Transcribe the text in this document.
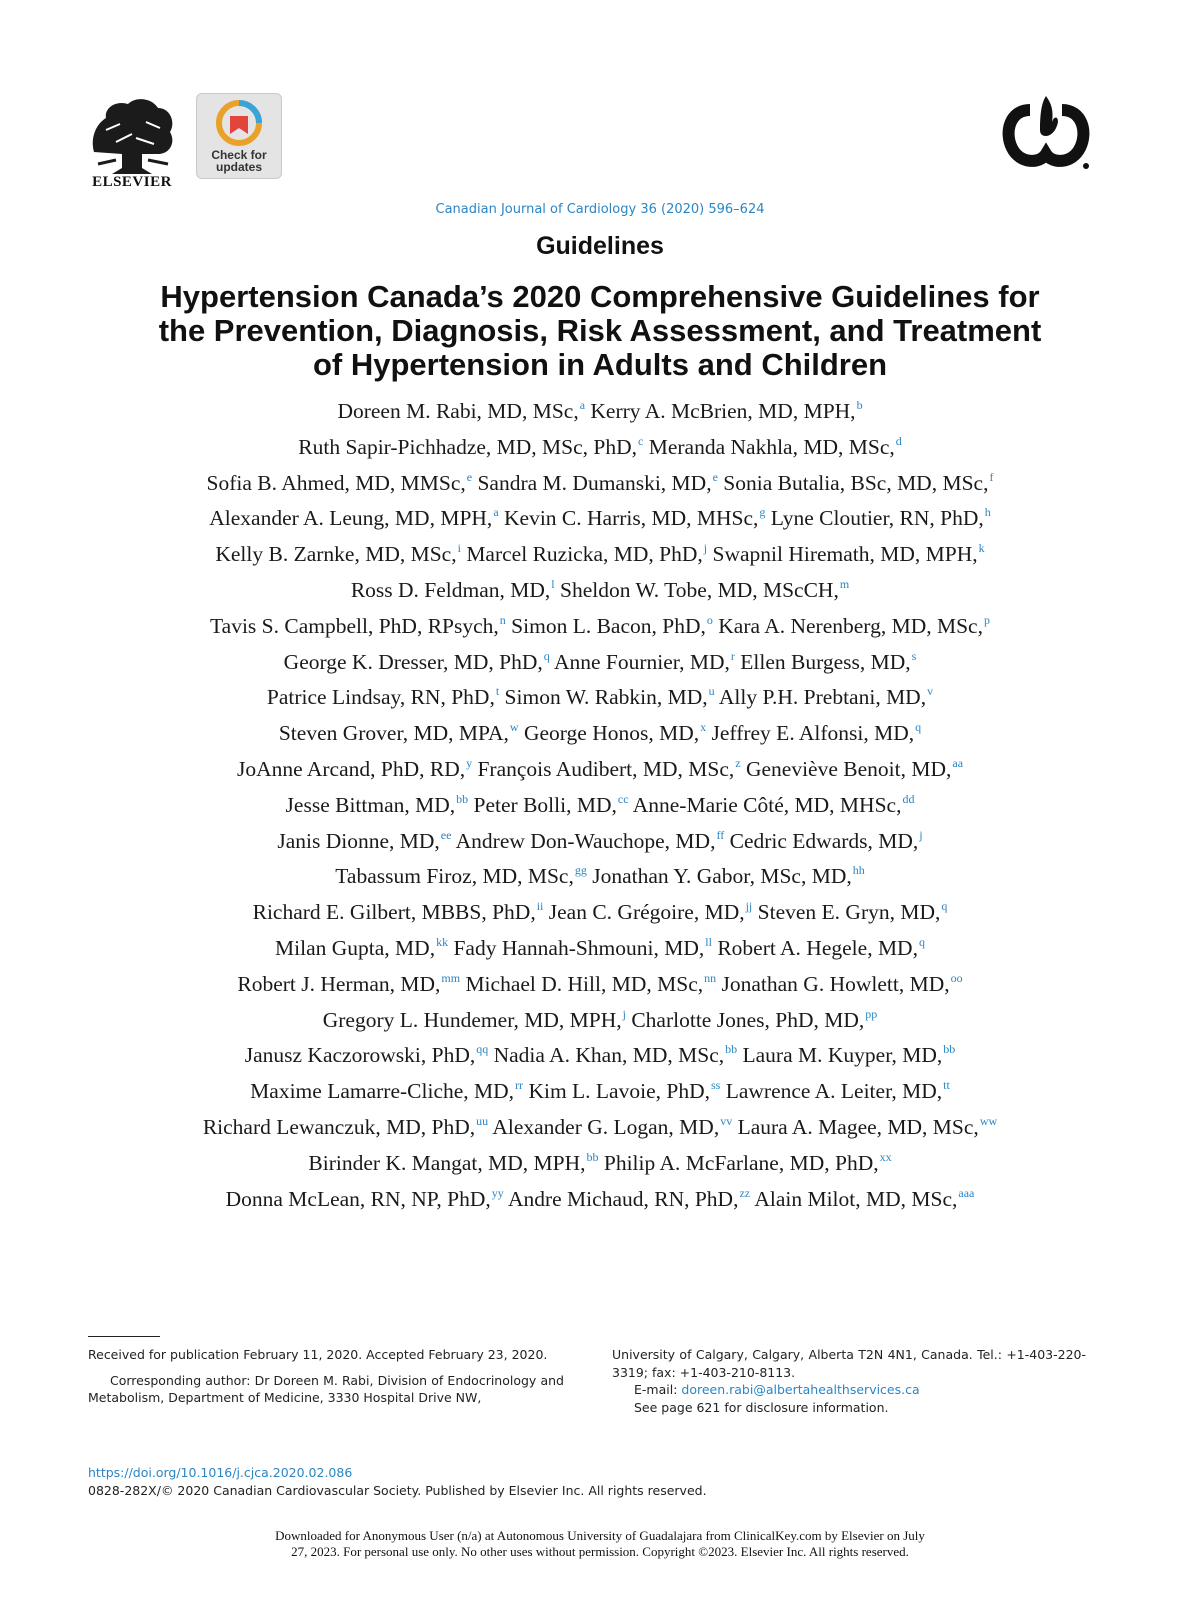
ELSEVIER
Check for
updates
Canadian Journal of Cardiology 36 (2020) 596–624
Guidelines
Hypertension Canada’s 2020 Comprehensive Guidelines for
the Prevention, Diagnosis, Risk Assessment, and Treatment
of Hypertension in Adults and Children
Doreen M. Rabi, MD, MSc,$^a$ Kerry A. McBrien, MD, MPH,$^b$
Ruth Sapir-Pichhadze, MD, MSc, PhD,$^c$ Meranda Nakhla, MD, MSc,$^d$
Sofia B. Ahmed, MD, MMSc,$^e$ Sandra M. Dumanski, MD,$^e$ Sonia Butalia, BSc, MD, MSc,$^f$
Alexander A. Leung, MD, MPH,$^a$ Kevin C. Harris, MD, MHSc,$^g$ Lyne Cloutier, RN, PhD,$^h$
Kelly B. Zarnke, MD, MSc,$^i$ Marcel Ruzicka, MD, PhD,$^j$ Swapnil Hiremath, MD, MPH,$^k$
Ross D. Feldman, MD,$^l$ Sheldon W. Tobe, MD, MScCH,$^m$
Tavis S. Campbell, PhD, RPsych,$^n$ Simon L. Bacon, PhD,$^o$ Kara A. Nerenberg, MD, MSc,$^p$
George K. Dresser, MD, PhD,$^q$ Anne Fournier, MD,$^r$ Ellen Burgess, MD,$^s$
Patrice Lindsay, RN, PhD,$^t$ Simon W. Rabkin, MD,$^u$ Ally P.H. Prebtani, MD,$^v$
Steven Grover, MD, MPA,$^w$ George Honos, MD,$^x$ Jeffrey E. Alfonsi, MD,$^q$
JoAnne Arcand, PhD, RD,$^y$ François Audibert, MD, MSc,$^z$ Geneviève Benoit, MD,$^{aa}$
Jesse Bittman, MD,$^{bb}$ Peter Bolli, MD,$^{cc}$ Anne-Marie Côté, MD, MHSc,$^{dd}$
Janis Dionne, MD,$^{ee}$ Andrew Don-Wauchope, MD,$^{ff}$ Cedric Edwards, MD,$^j$
Tabassum Firoz, MD, MSc,$^{gg}$ Jonathan Y. Gabor, MSc, MD,$^{hh}$
Richard E. Gilbert, MBBS, PhD,$^{ii}$ Jean C. Grégoire, MD,$^{jj}$ Steven E. Gryn, MD,$^q$
Milan Gupta, MD,$^{kk}$ Fady Hannah-Shmouni, MD,$^{ll}$ Robert A. Hegele, MD,$^q$
Robert J. Herman, MD,$^{mm}$ Michael D. Hill, MD, MSc,$^{nn}$ Jonathan G. Howlett, MD,$^{oo}$
Gregory L. Hundemer, MD, MPH,$^j$ Charlotte Jones, PhD, MD,$^{pp}$
Janusz Kaczorowski, PhD,$^{qq}$ Nadia A. Khan, MD, MSc,$^{bb}$ Laura M. Kuyper, MD,$^{bb}$
Maxime Lamarre-Cliche, MD,$^{rr}$ Kim L. Lavoie, PhD,$^{ss}$ Lawrence A. Leiter, MD,$^{tt}$
Richard Lewanczuk, MD, PhD,$^{uu}$ Alexander G. Logan, MD,$^{vv}$ Laura A. Magee, MD, MSc,$^{ww}$
Birinder K. Mangat, MD, MPH,$^{bb}$ Philip A. McFarlane, MD, PhD,$^{xx}$
Donna McLean, RN, NP, PhD,$^{yy}$ Andre Michaud, RN, PhD,$^{zz}$ Alain Milot, MD, MSc,$^{aaa}$

Received for publication February 11, 2020. Accepted February 23, 2020.

Corresponding author: Dr Doreen M. Rabi, Division of Endocrinology and Metabolism, Department of Medicine, 3330 Hospital Drive NW,

University of Calgary, Calgary, Alberta T2N 4N1, Canada. Tel.: +1-403-220-3319; fax: +1-403-210-8113.

E-mail: doreen.rabi@albertahealthservices.ca

See page 621 for disclosure information.

https://doi.org/10.1016/j.cjca.2020.02.086

0828-282X/© 2020 Canadian Cardiovascular Society. Published by Elsevier Inc. All rights reserved.

Downloaded for Anonymous User (n/a) at Autonomous University of Guadalajara from ClinicalKey.com by Elsevier on July

27, 2023. For personal use only. No other uses without permission. Copyright ©2023. Elsevier Inc. All rights reserved.
